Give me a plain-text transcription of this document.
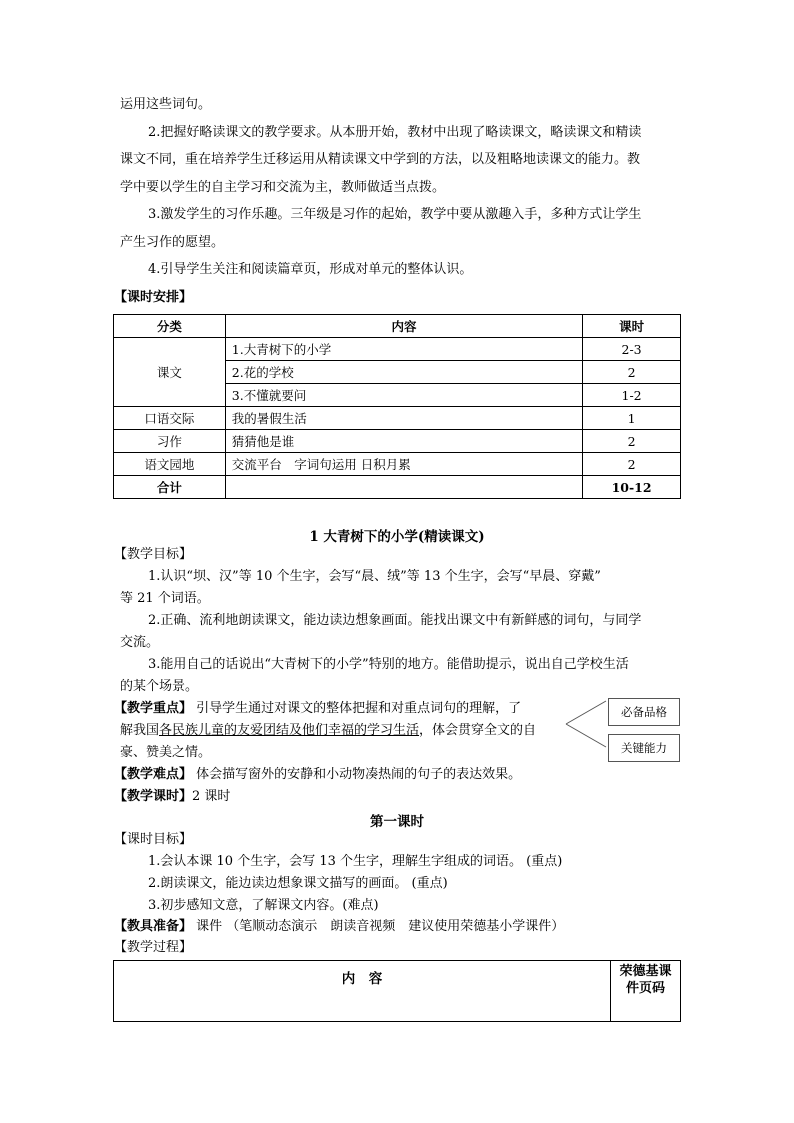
运用这些词句。
2.把握好略读课文的教学要求。从本册开始，教材中出现了略读课文，略读课文和精读
课文不同，重在培养学生迁移运用从精读课文中学到的方法，以及粗略地读课文的能力。教
学中要以学生的自主学习和交流为主，教师做适当点拨。
3.激发学生的习作乐趣。三年级是习作的起始，教学中要从激趣入手，多种方式让学生
产生习作的愿望。
4.引导学生关注和阅读篇章页，形成对单元的整体认识。
【课时安排】
分类	内容	课时
课文	1.大青树下的小学	2-3
	2.花的学校	2
	3.不懂就要问	1-2
口语交际	我的暑假生活	1
习作	猜猜他是谁	2
语文园地	交流平台　字词句运用 日积月累	2
合计		10-12
1 大青树下的小学(精读课文)
【教学目标】
1.认识“坝、汉”等 10 个生字，会写“晨、绒”等 13 个生字，会写“早晨、穿戴”
等 21 个词语。
2.正确、流利地朗读课文，能边读边想象画面。能找出课文中有新鲜感的词句，与同学
交流。
3.能用自己的话说出“大青树下的小学”特别的地方。能借助提示，说出自己学校生活
的某个场景。
【教学重点】 引导学生通过对课文的整体把握和对重点词句的理解，了
解我国各民族儿童的友爱团结及他们幸福的学习生活，体会贯穿全文的自
豪、赞美之情。
必备品格
关键能力
【教学难点】 体会描写窗外的安静和小动物凑热闹的句子的表达效果。
【教学课时】2 课时
第一课时
【课时目标】
1.会认本课 10 个生字，会写 13 个生字，理解生字组成的词语。 (重点)
2.朗读课文，能边读边想象课文描写的画面。 (重点)
3.初步感知文意，了解课文内容。(难点)
【教具准备】 课件 （笔顺动态演示　朗读音视频　建议使用荣德基小学课件）
【教学过程】
内　容	荣德基课件页码
